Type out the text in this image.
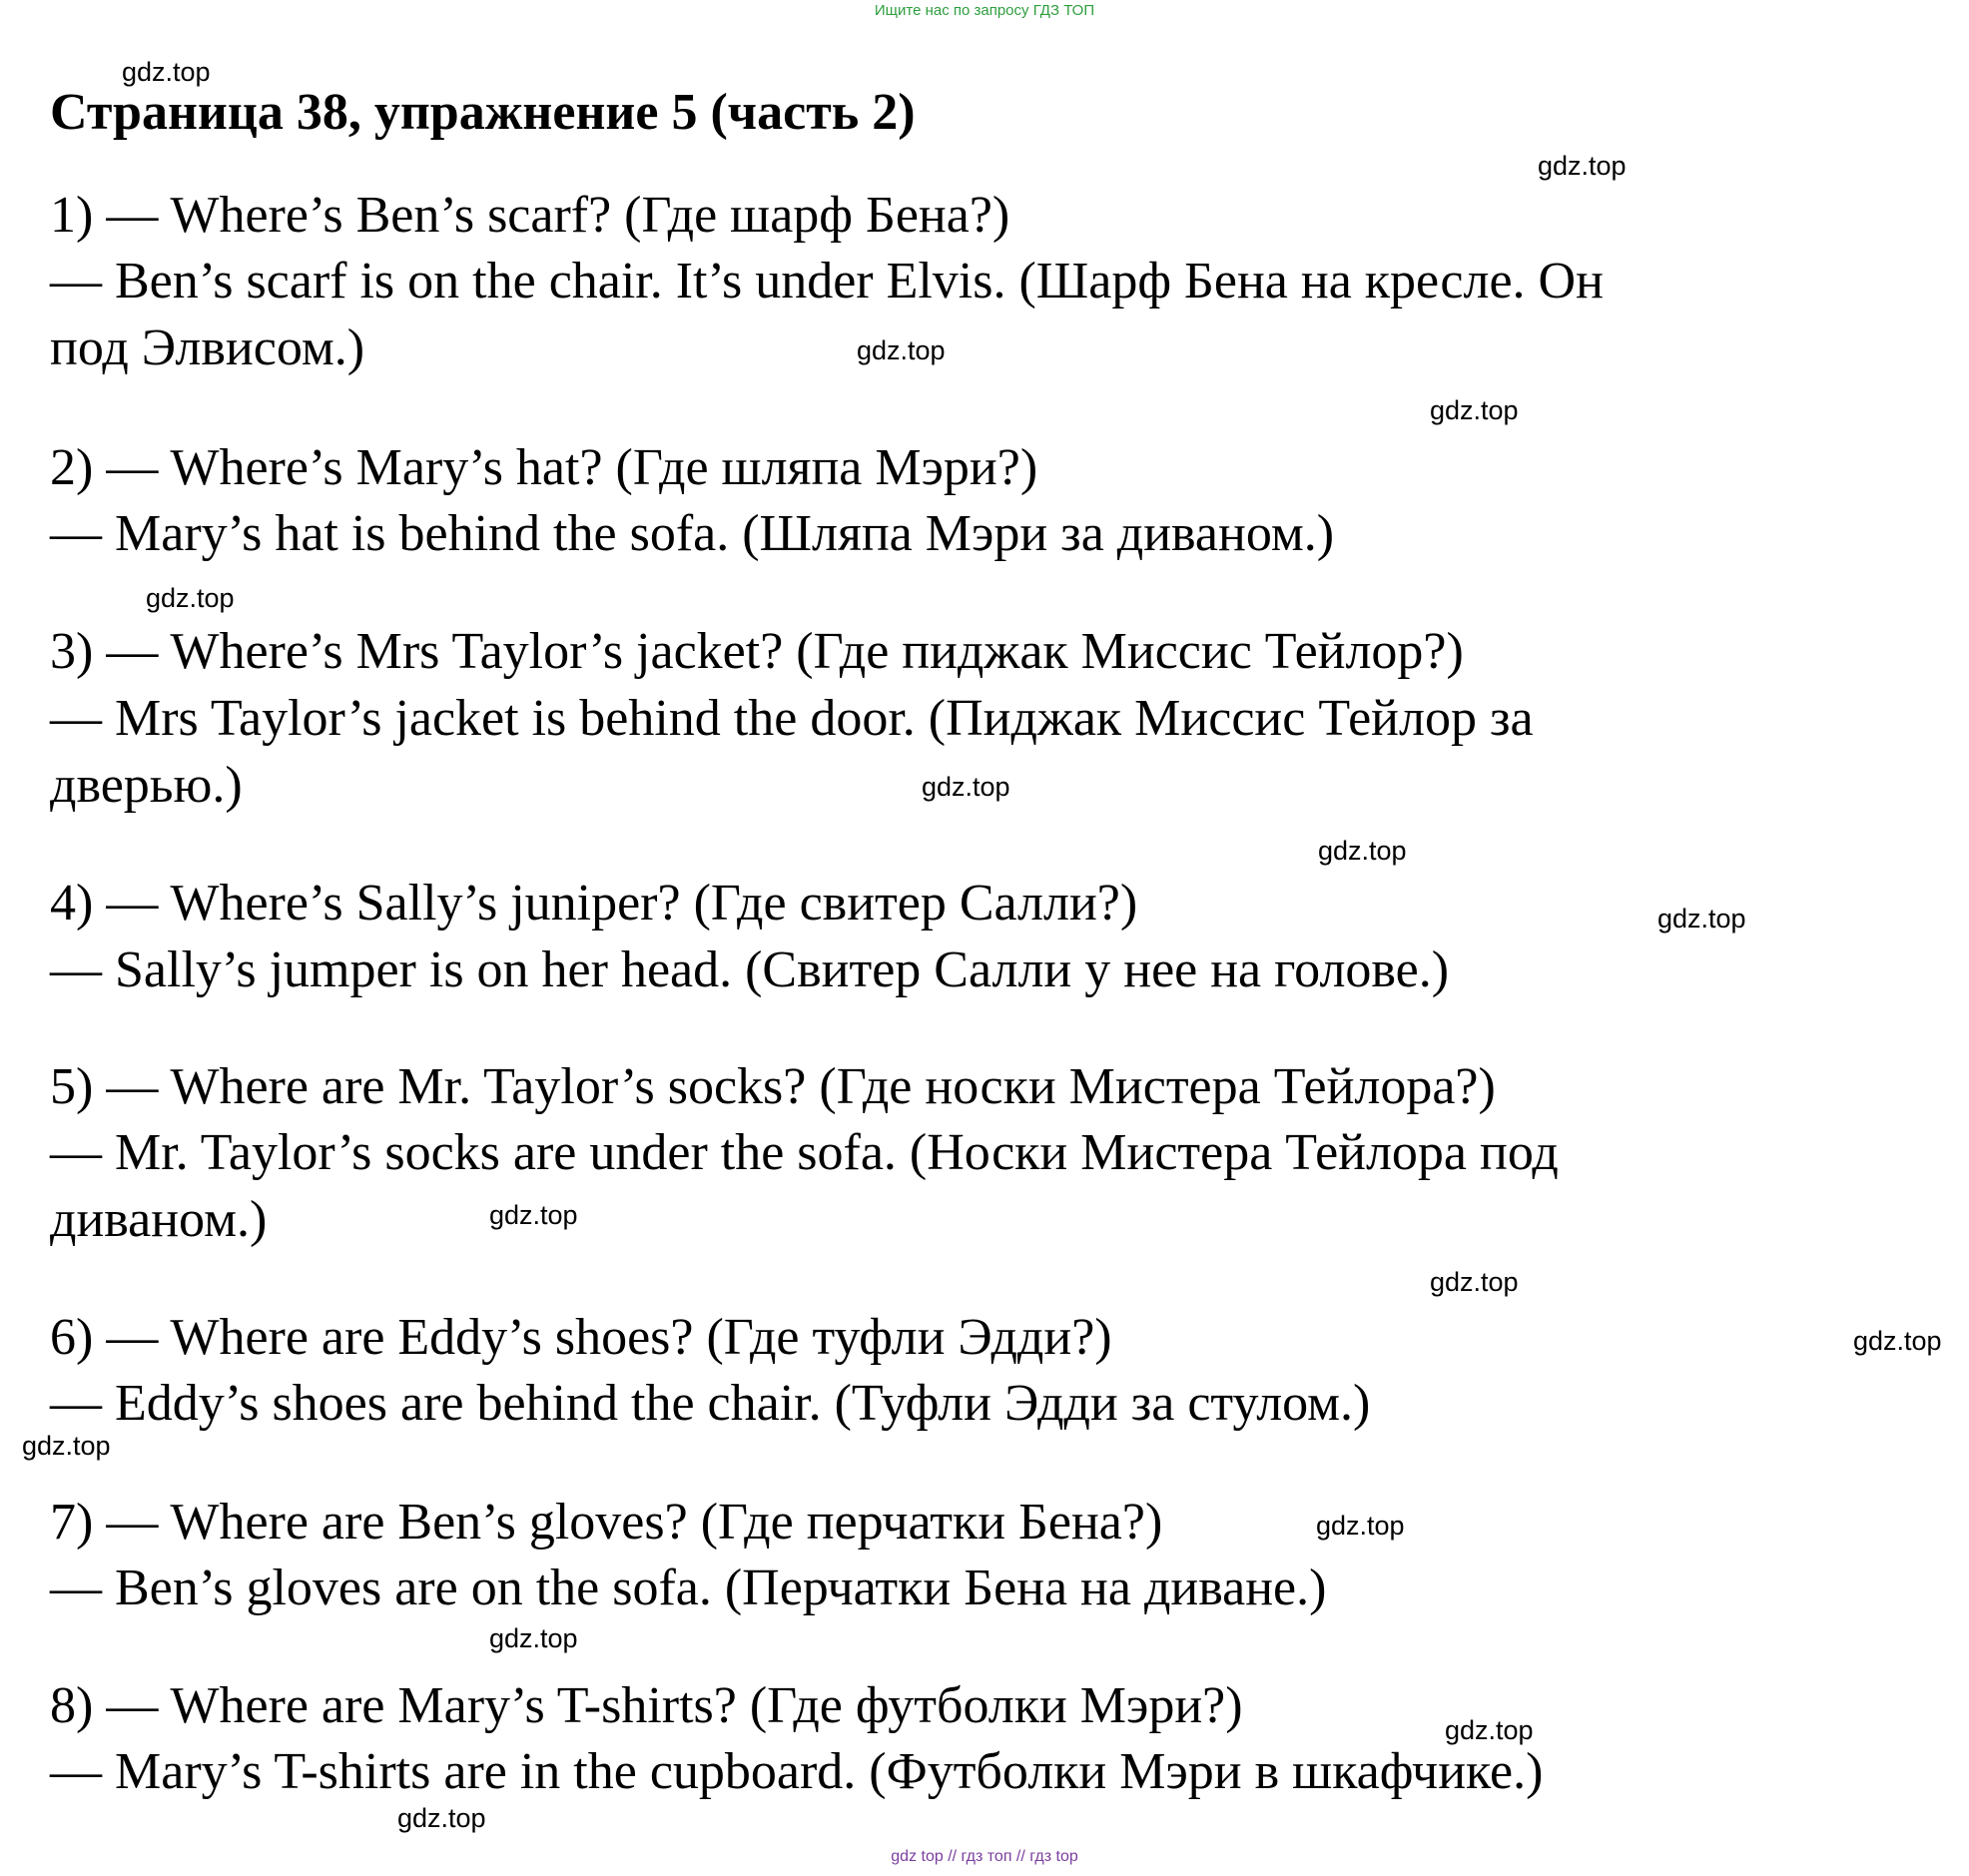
Ищите нас по запросу ГДЗ ТОП
gdz.top
Страница 38, упражнение 5 (часть 2)
gdz.top

1) — Where’s Ben’s scarf? (Где шарф Бена?)

— Ben’s scarf is on the chair. It’s under Elvis. (Шарф Бена на кресле. Он

под Элвисом.)	gdz.top
gdz.top

2) — Where’s Mary’s hat? (Где шляпа Мэри?)

— Mary’s hat is behind the sofa. (Шляпа Мэри за диваном.)

gdz.top

3) — Where’s Mrs Taylor’s jacket? (Где пиджак Миссис Тейлор?)

— Mrs Taylor’s jacket is behind the door. (Пиджак Миссис Тейлор за

дверью.)	gdz.top
gdz.top

4) — Where’s Sally’s juniper? (Где свитер Салли?)	gdz.top

— Sally’s jumper is on her head. (Свитер Салли у нее на голове.)

5) — Where are Mr. Taylor’s socks? (Где носки Мистера Тейлора?)

— Mr. Taylor’s socks are under the sofa. (Носки Мистера Тейлора под

диваном.)	gdz.top
gdz.top

6) — Where are Eddy’s shoes? (Где туфли Эдди?)	gdz.top

— Eddy’s shoes are behind the chair. (Туфли Эдди за стулом.)

gdz.top

7) — Where are Ben’s gloves? (Где перчатки Бена?)	gdz.top

— Ben’s gloves are on the sofa. (Перчатки Бена на диване.)

gdz.top

8) — Where are Mary’s T-shirts? (Где футболки Мэри?)	gdz.top

— Mary’s T-shirts are in the cupboard. (Футболки Мэри в шкафчике.)

gdz.top
gdz top // гдз топ // гдз top
